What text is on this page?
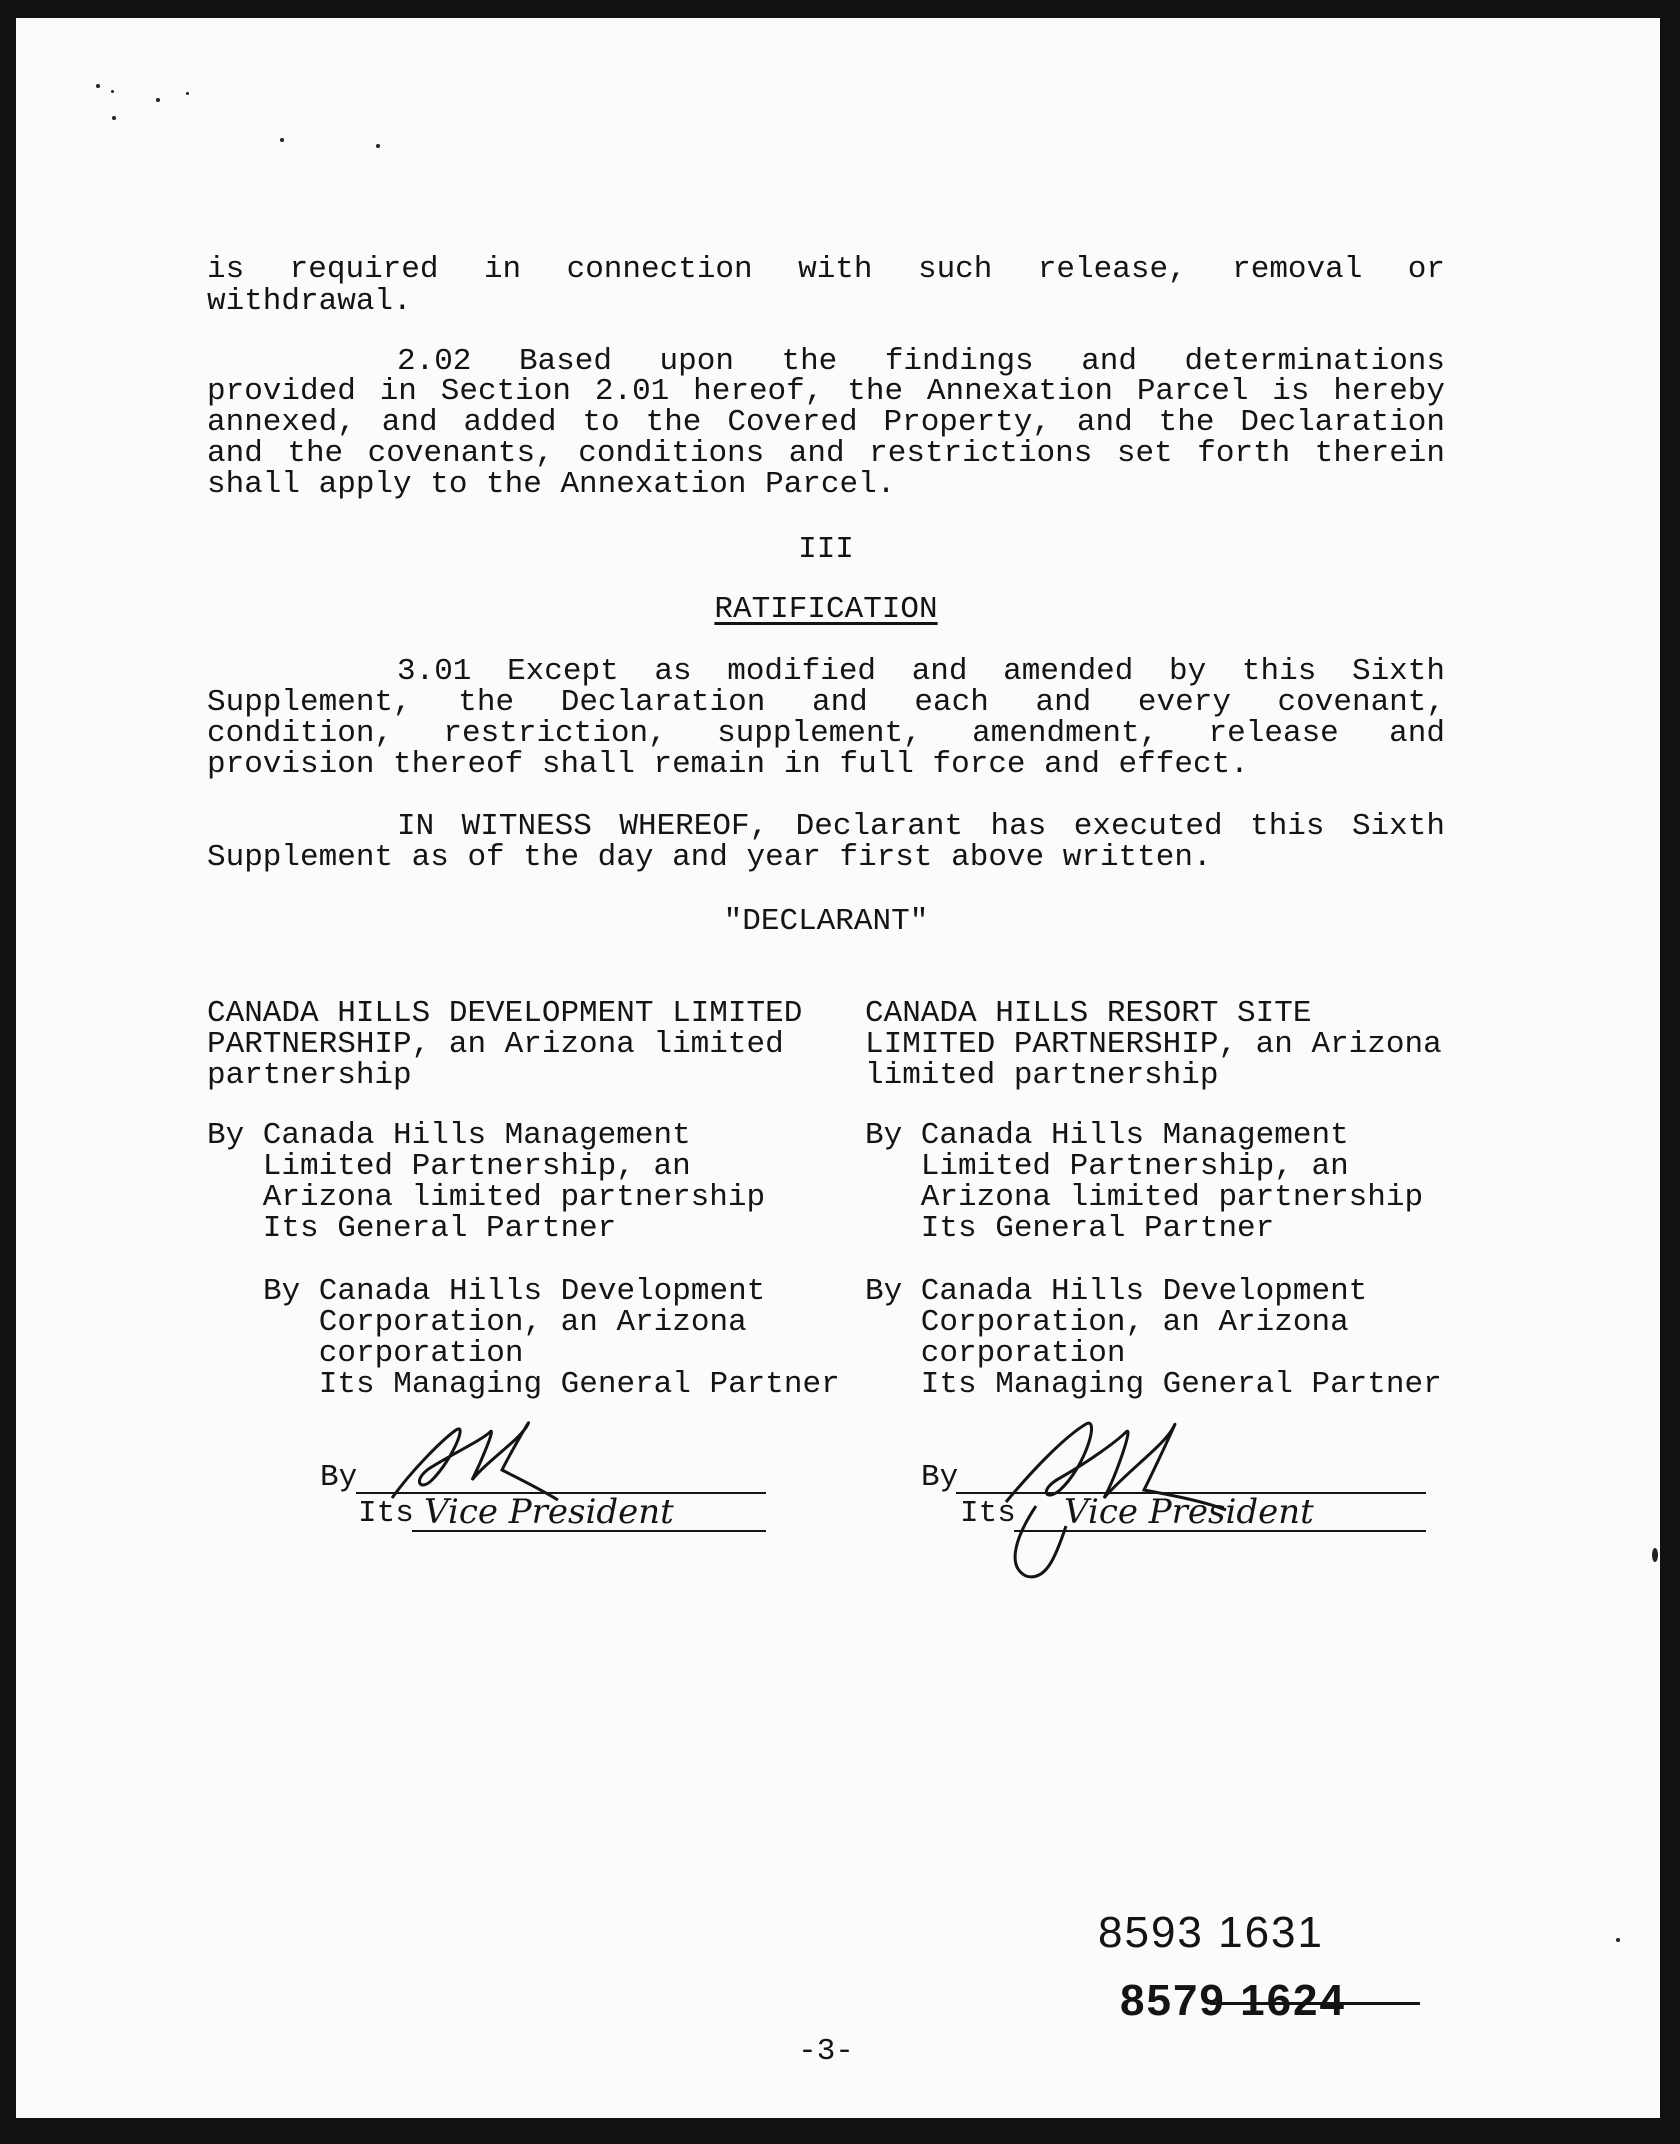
is required in connection with such release, removal or
withdrawal.
2.02 Based upon the findings and determinations
provided in Section 2.01 hereof, the Annexation Parcel is hereby
annexed, and added to the Covered Property, and the Declaration
and the covenants, conditions and restrictions set forth therein
shall apply to the Annexation Parcel.
III
RATIFICATION
3.01 Except as modified and amended by this Sixth
Supplement, the Declaration and each and every covenant,
condition, restriction, supplement, amendment, release and
provision thereof shall remain in full force and effect.
IN WITNESS WHEREOF, Declarant has executed this Sixth
Supplement as of the day and year first above written.
"DECLARANT"
CANADA HILLS DEVELOPMENT LIMITED
PARTNERSHIP, an Arizona limited
partnership
By Canada Hills Management
Limited Partnership, an
Arizona limited partnership
Its General Partner
By Canada Hills Development
Corporation, an Arizona
corporation
Its Managing General Partner
By
Its Vice President
CANADA HILLS RESORT SITE
LIMITED PARTNERSHIP, an Arizona
limited partnership
By Canada Hills Management
Limited Partnership, an
Arizona limited partnership
Its General Partner
By Canada Hills Development
Corporation, an Arizona
corporation
Its Managing General Partner
By
Its Vice President
8593 1631
8579 1624
-3-
